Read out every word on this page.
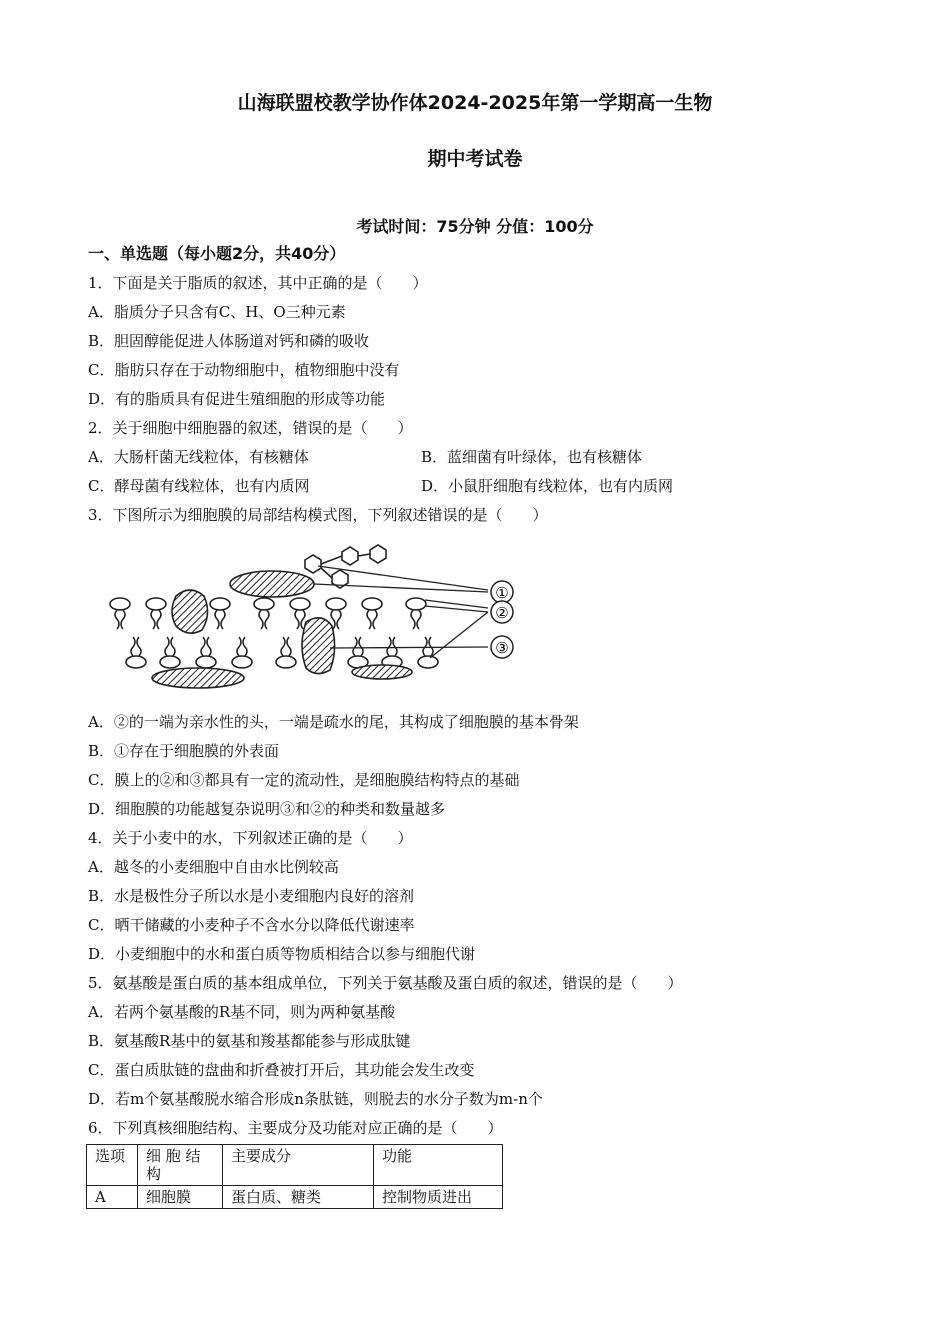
山海联盟校教学协作体2024-2025年第一学期高一生物
期中考试卷
考试时间：75分钟 分值：100分
一、单选题（每小题2分，共40分）
1．下面是关于脂质的叙述，其中正确的是（　　）
A．脂质分子只含有C、H、O三种元素
B．胆固醇能促进人体肠道对钙和磷的吸收
C．脂肪只存在于动物细胞中，植物细胞中没有
D．有的脂质具有促进生殖细胞的形成等功能
2．关于细胞中细胞器的叙述，错误的是（　　）
A．大肠杆菌无线粒体，有核糖体	B．蓝细菌有叶绿体，也有核糖体
C．酵母菌有线粒体，也有内质网	D．小鼠肝细胞有线粒体，也有内质网
3．下图所示为细胞膜的局部结构模式图，下列叙述错误的是（　　）
①
②
③
A．②的一端为亲水性的头，一端是疏水的尾，其构成了细胞膜的基本骨架
B．①存在于细胞膜的外表面
C．膜上的②和③都具有一定的流动性，是细胞膜结构特点的基础
D．细胞膜的功能越复杂说明③和②的种类和数量越多
4．关于小麦中的水，下列叙述正确的是（　　）
A．越冬的小麦细胞中自由水比例较高
B．水是极性分子所以水是小麦细胞内良好的溶剂
C．晒干储藏的小麦种子不含水分以降低代谢速率
D．小麦细胞中的水和蛋白质等物质相结合以参与细胞代谢
5．氨基酸是蛋白质的基本组成单位，下列关于氨基酸及蛋白质的叙述，错误的是（　　）
A．若两个氨基酸的R基不同，则为两种氨基酸
B．氨基酸R基中的氨基和羧基都能参与形成肽键
C．蛋白质肽链的盘曲和折叠被打开后，其功能会发生改变
D．若m个氨基酸脱水缩合形成n条肽链，则脱去的水分子数为m-n个
6．下列真核细胞结构、主要成分及功能对应正确的是（　　）
选项	细 胞 结构	主要成分	功能
A	细胞膜	蛋白质、糖类	控制物质进出
